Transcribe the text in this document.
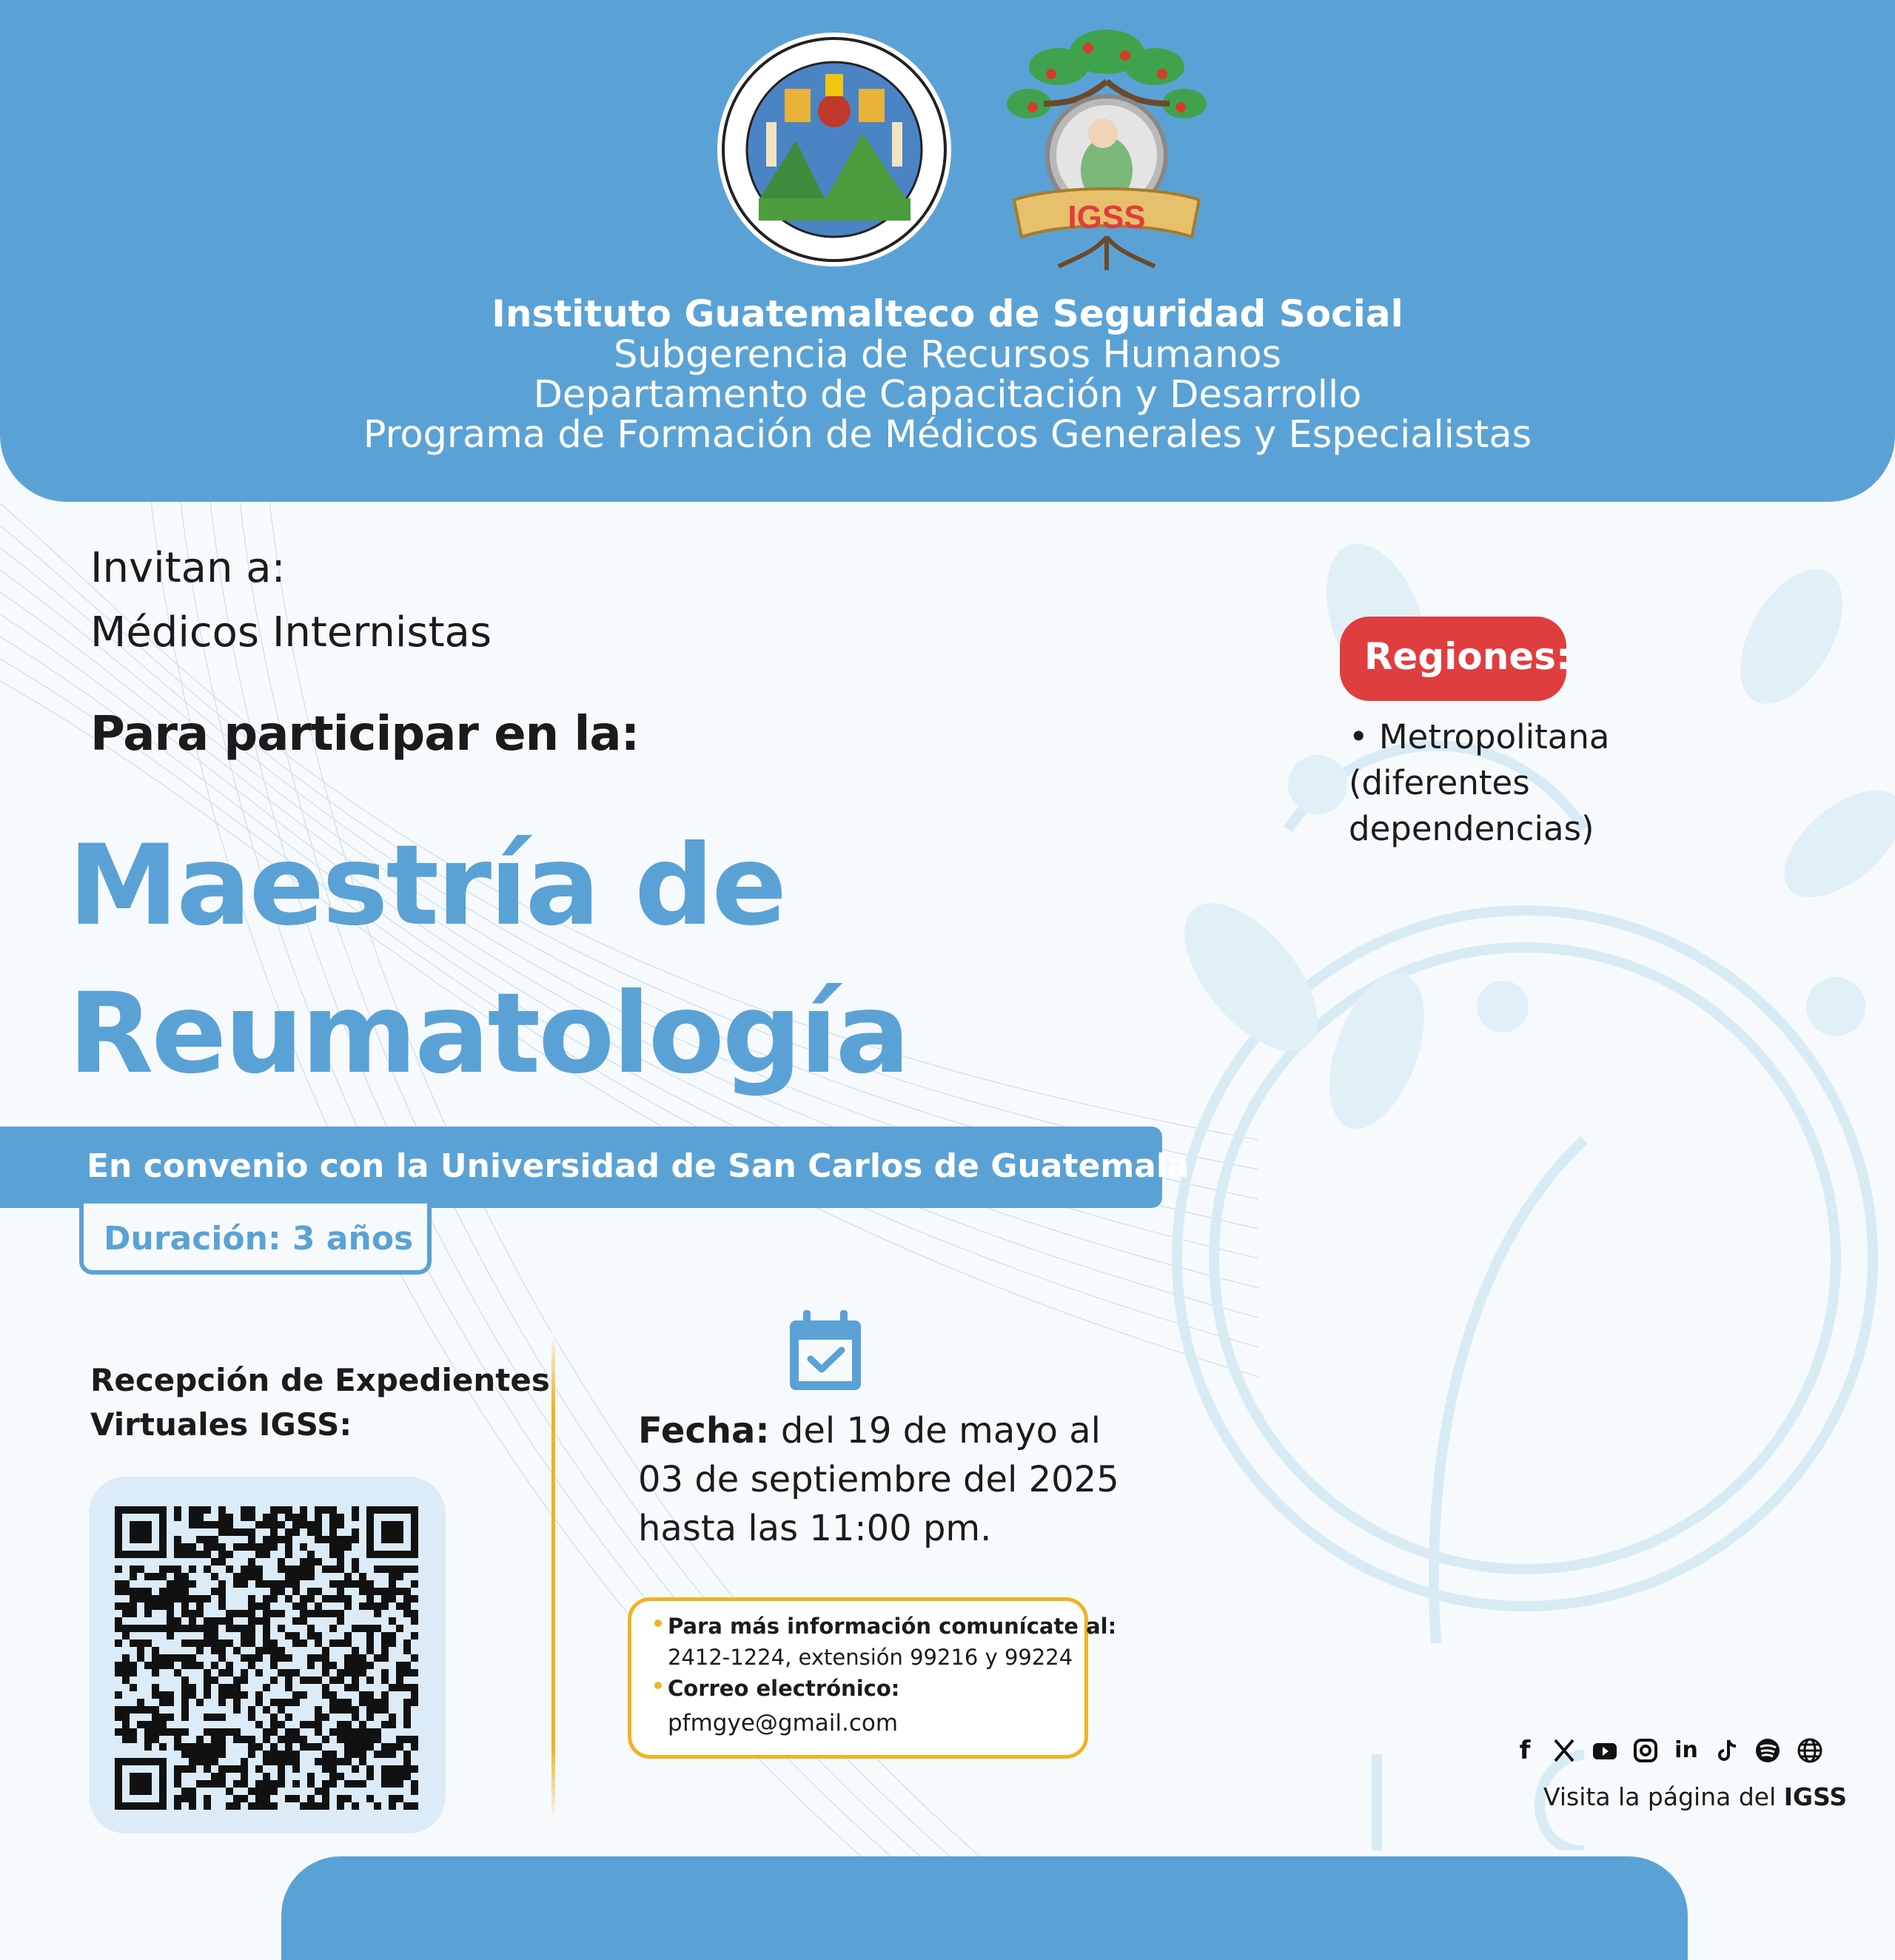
IGSS
Instituto Guatemalteco de Seguridad Social
Subgerencia de Recursos Humanos
Departamento de Capacitación y Desarrollo
Programa de Formación de Médicos Generales y Especialistas
Invitan a:
Médicos Internistas
Para participar en la:
Maestría de
Reumatología
En convenio con la Universidad de San Carlos de Guatemala
Duración: 3 años
Recepción de Expedientes
Virtuales IGSS:	Fecha: del 19 de mayo al
03 de septiembre del 2025
hasta las 11:00 pm.
Para más información comunícate al:
2412-1224, extensión 99216 y 99224
Correo electrónico:
pfmgye@gmail.com
Regiones:
• Metropolitana
(diferentes
dependencias)
f	in
Visita la página del IGSS
